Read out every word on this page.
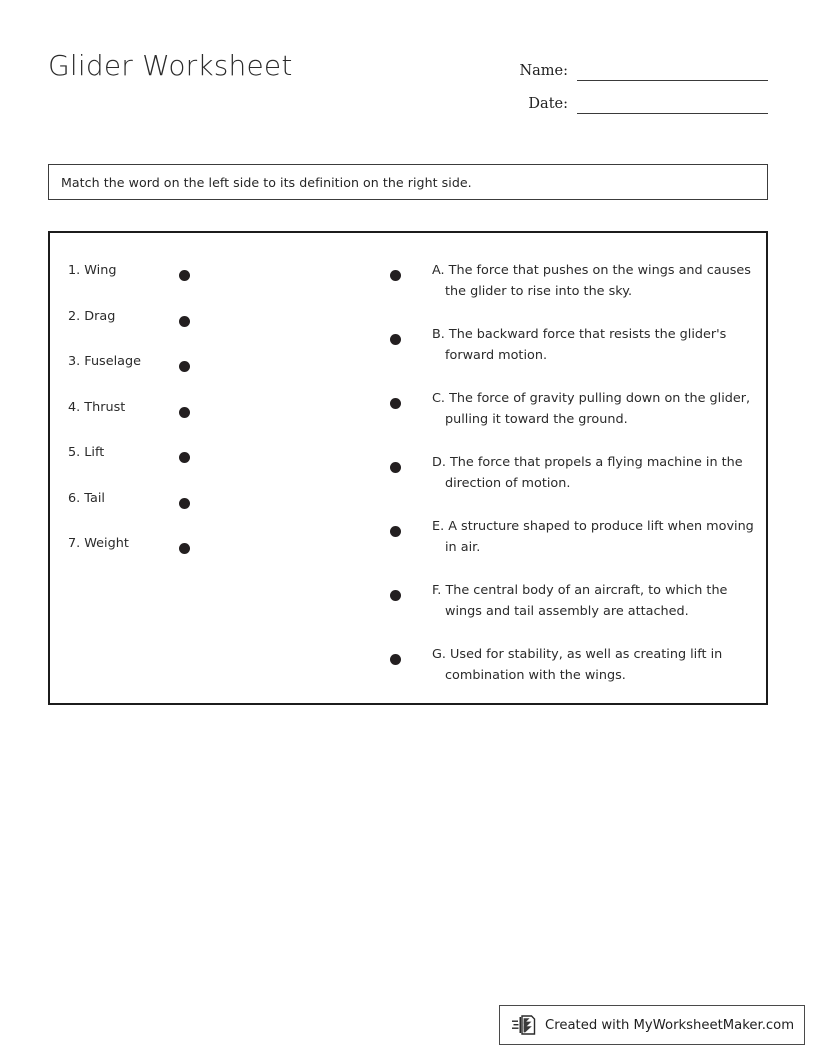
Glider Worksheet	Name:
Date:
Match the word on the left side to its definition on the right side.
1. Wing
2. Drag
3. Fuselage
4. Thrust
5. Lift
6. Tail
7. Weight
A. The force that pushes on the wings and causes the glider to rise into the sky.
B. The backward force that resists the glider's forward motion.
C. The force of gravity pulling down on the glider, pulling it toward the ground.
D. The force that propels a flying machine in the direction of motion.
E. A structure shaped to produce lift when moving in air.
F. The central body of an aircraft, to which the wings and tail assembly are attached.
G. Used for stability, as well as creating lift in combination with the wings.
Created with MyWorksheetMaker.com
